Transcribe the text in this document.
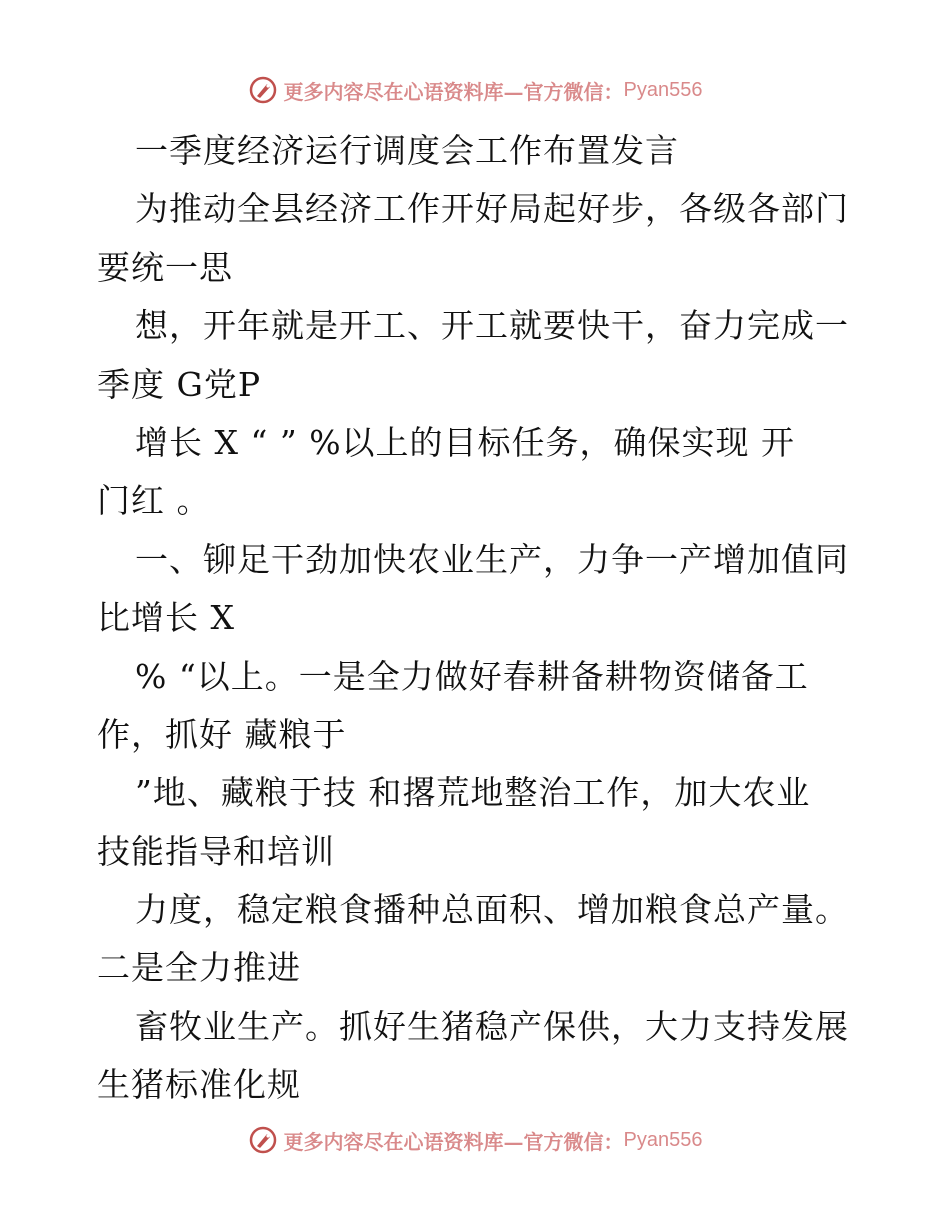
更多内容尽在心语资料库—官方微信： Pyan556
一季度经济运行调度会工作布置发言
为推动全县经济工作开好局起好步，各级各部门
要统一思
想，开年就是开工、开工就要快干，奋力完成一
季度 G党P
增长 X “ ” %以上的目标任务，确保实现 开
门红 。
一、铆足干劲加快农业生产，力争一产增加值同
比增长 X
% “以上。一是全力做好春耕备耕物资储备工
作，抓好 藏粮于
”地、藏粮于技 和撂荒地整治工作，加大农业
技能指导和培训
力度，稳定粮食播种总面积、增加粮食总产量。
二是全力推进
畜牧业生产。抓好生猪稳产保供，大力支持发展
生猪标准化规
更多内容尽在心语资料库—官方微信： Pyan556
